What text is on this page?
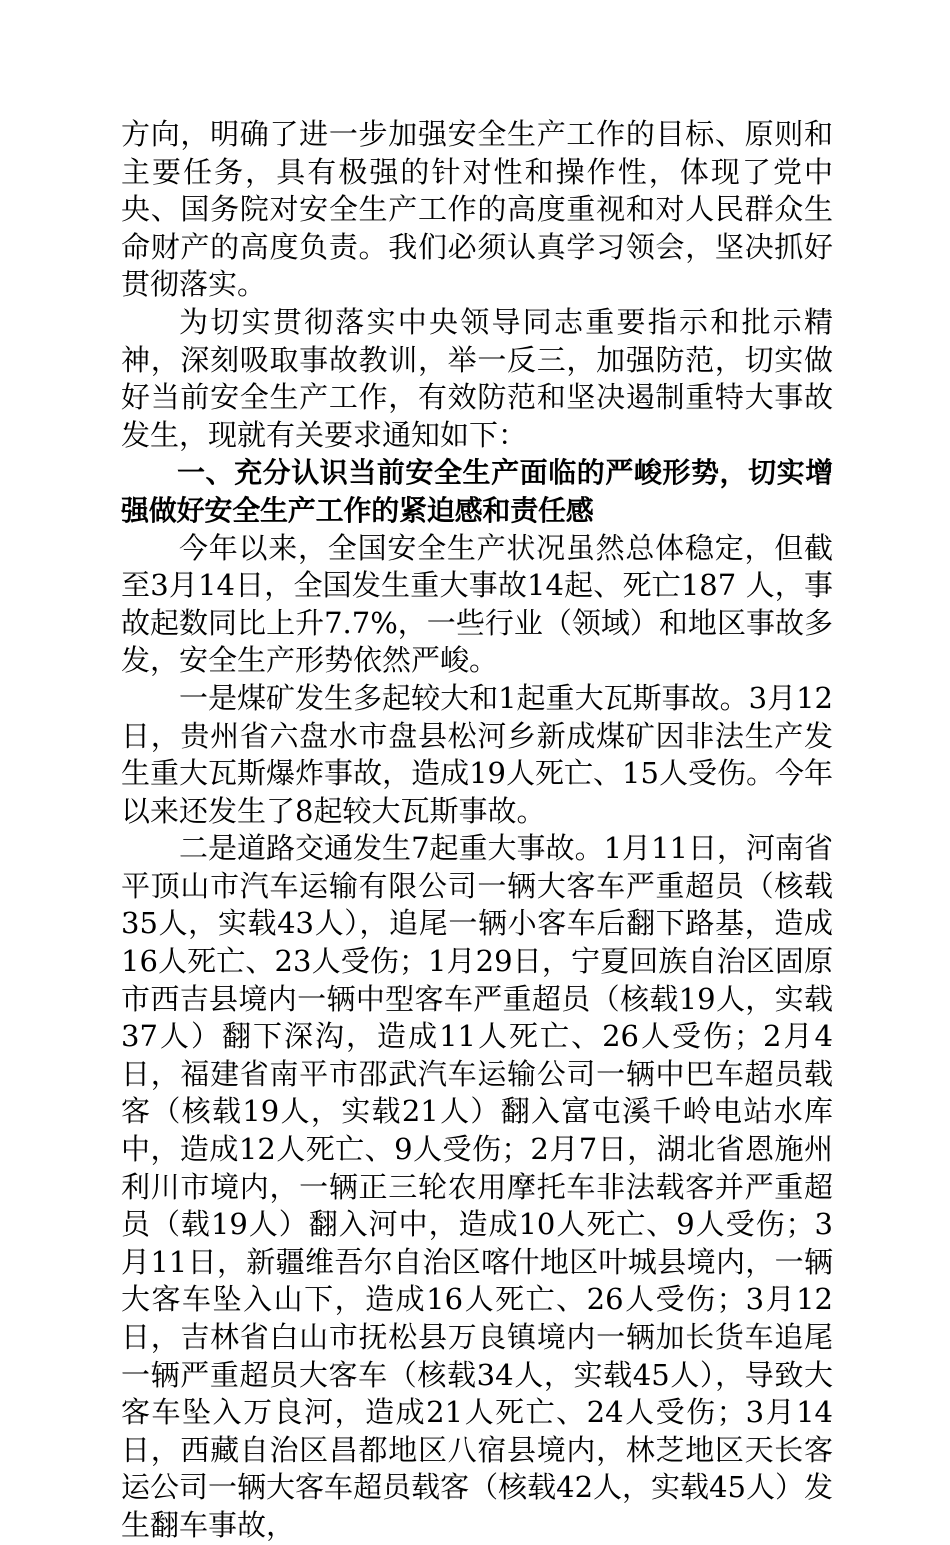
方向，明确了进一步加强安全生产工作的目标、原则和主要任务，具有极强的针对性和操作性，体现了党中央、国务院对安全生产工作的高度重视和对人民群众生命财产的高度负责。我们必须认真学习领会，坚决抓好贯彻落实。

为切实贯彻落实中央领导同志重要指示和批示精神，深刻吸取事故教训，举一反三，加强防范，切实做好当前安全生产工作，有效防范和坚决遏制重特大事故发生，现就有关要求通知如下：

一、充分认识当前安全生产面临的严峻形势，切实增强做好安全生产工作的紧迫感和责任感

今年以来，全国安全生产状况虽然总体稳定，但截至3月14日，全国发生重大事故14起、死亡187 人，事故起数同比上升7.7%，一些行业（领域）和地区事故多发，安全生产形势依然严峻。

一是煤矿发生多起较大和1起重大瓦斯事故。3月12日，贵州省六盘水市盘县松河乡新成煤矿因非法生产发生重大瓦斯爆炸事故，造成19人死亡、15人受伤。今年以来还发生了8起较大瓦斯事故。

二是道路交通发生7起重大事故。1月11日，河南省平顶山市汽车运输有限公司一辆大客车严重超员（核载35人，实载43人），追尾一辆小客车后翻下路基，造成16人死亡、23人受伤；1月29日，宁夏回族自治区固原市西吉县境内一辆中型客车严重超员（核载19人，实载37人）翻下深沟，造成11人死亡、26人受伤；2月4日，福建省南平市邵武汽车运输公司一辆中巴车超员载客（核载19人，实载21人）翻入富屯溪千岭电站水库中，造成12人死亡、9人受伤；2月7日，湖北省恩施州利川市境内，一辆正三轮农用摩托车非法载客并严重超员（载19人）翻入河中，造成10人死亡、9人受伤；3月11日，新疆维吾尔自治区喀什地区叶城县境内，一辆大客车坠入山下，造成16人死亡、26人受伤；3月12日，吉林省白山市抚松县万良镇境内一辆加长货车追尾一辆严重超员大客车（核载34人，实载45人），导致大客车坠入万良河，造成21人死亡、24人受伤；3月14日，西藏自治区昌都地区八宿县境内，林芝地区天长客运公司一辆大客车超员载客（核载42人，实载45人）发生翻车事故，
